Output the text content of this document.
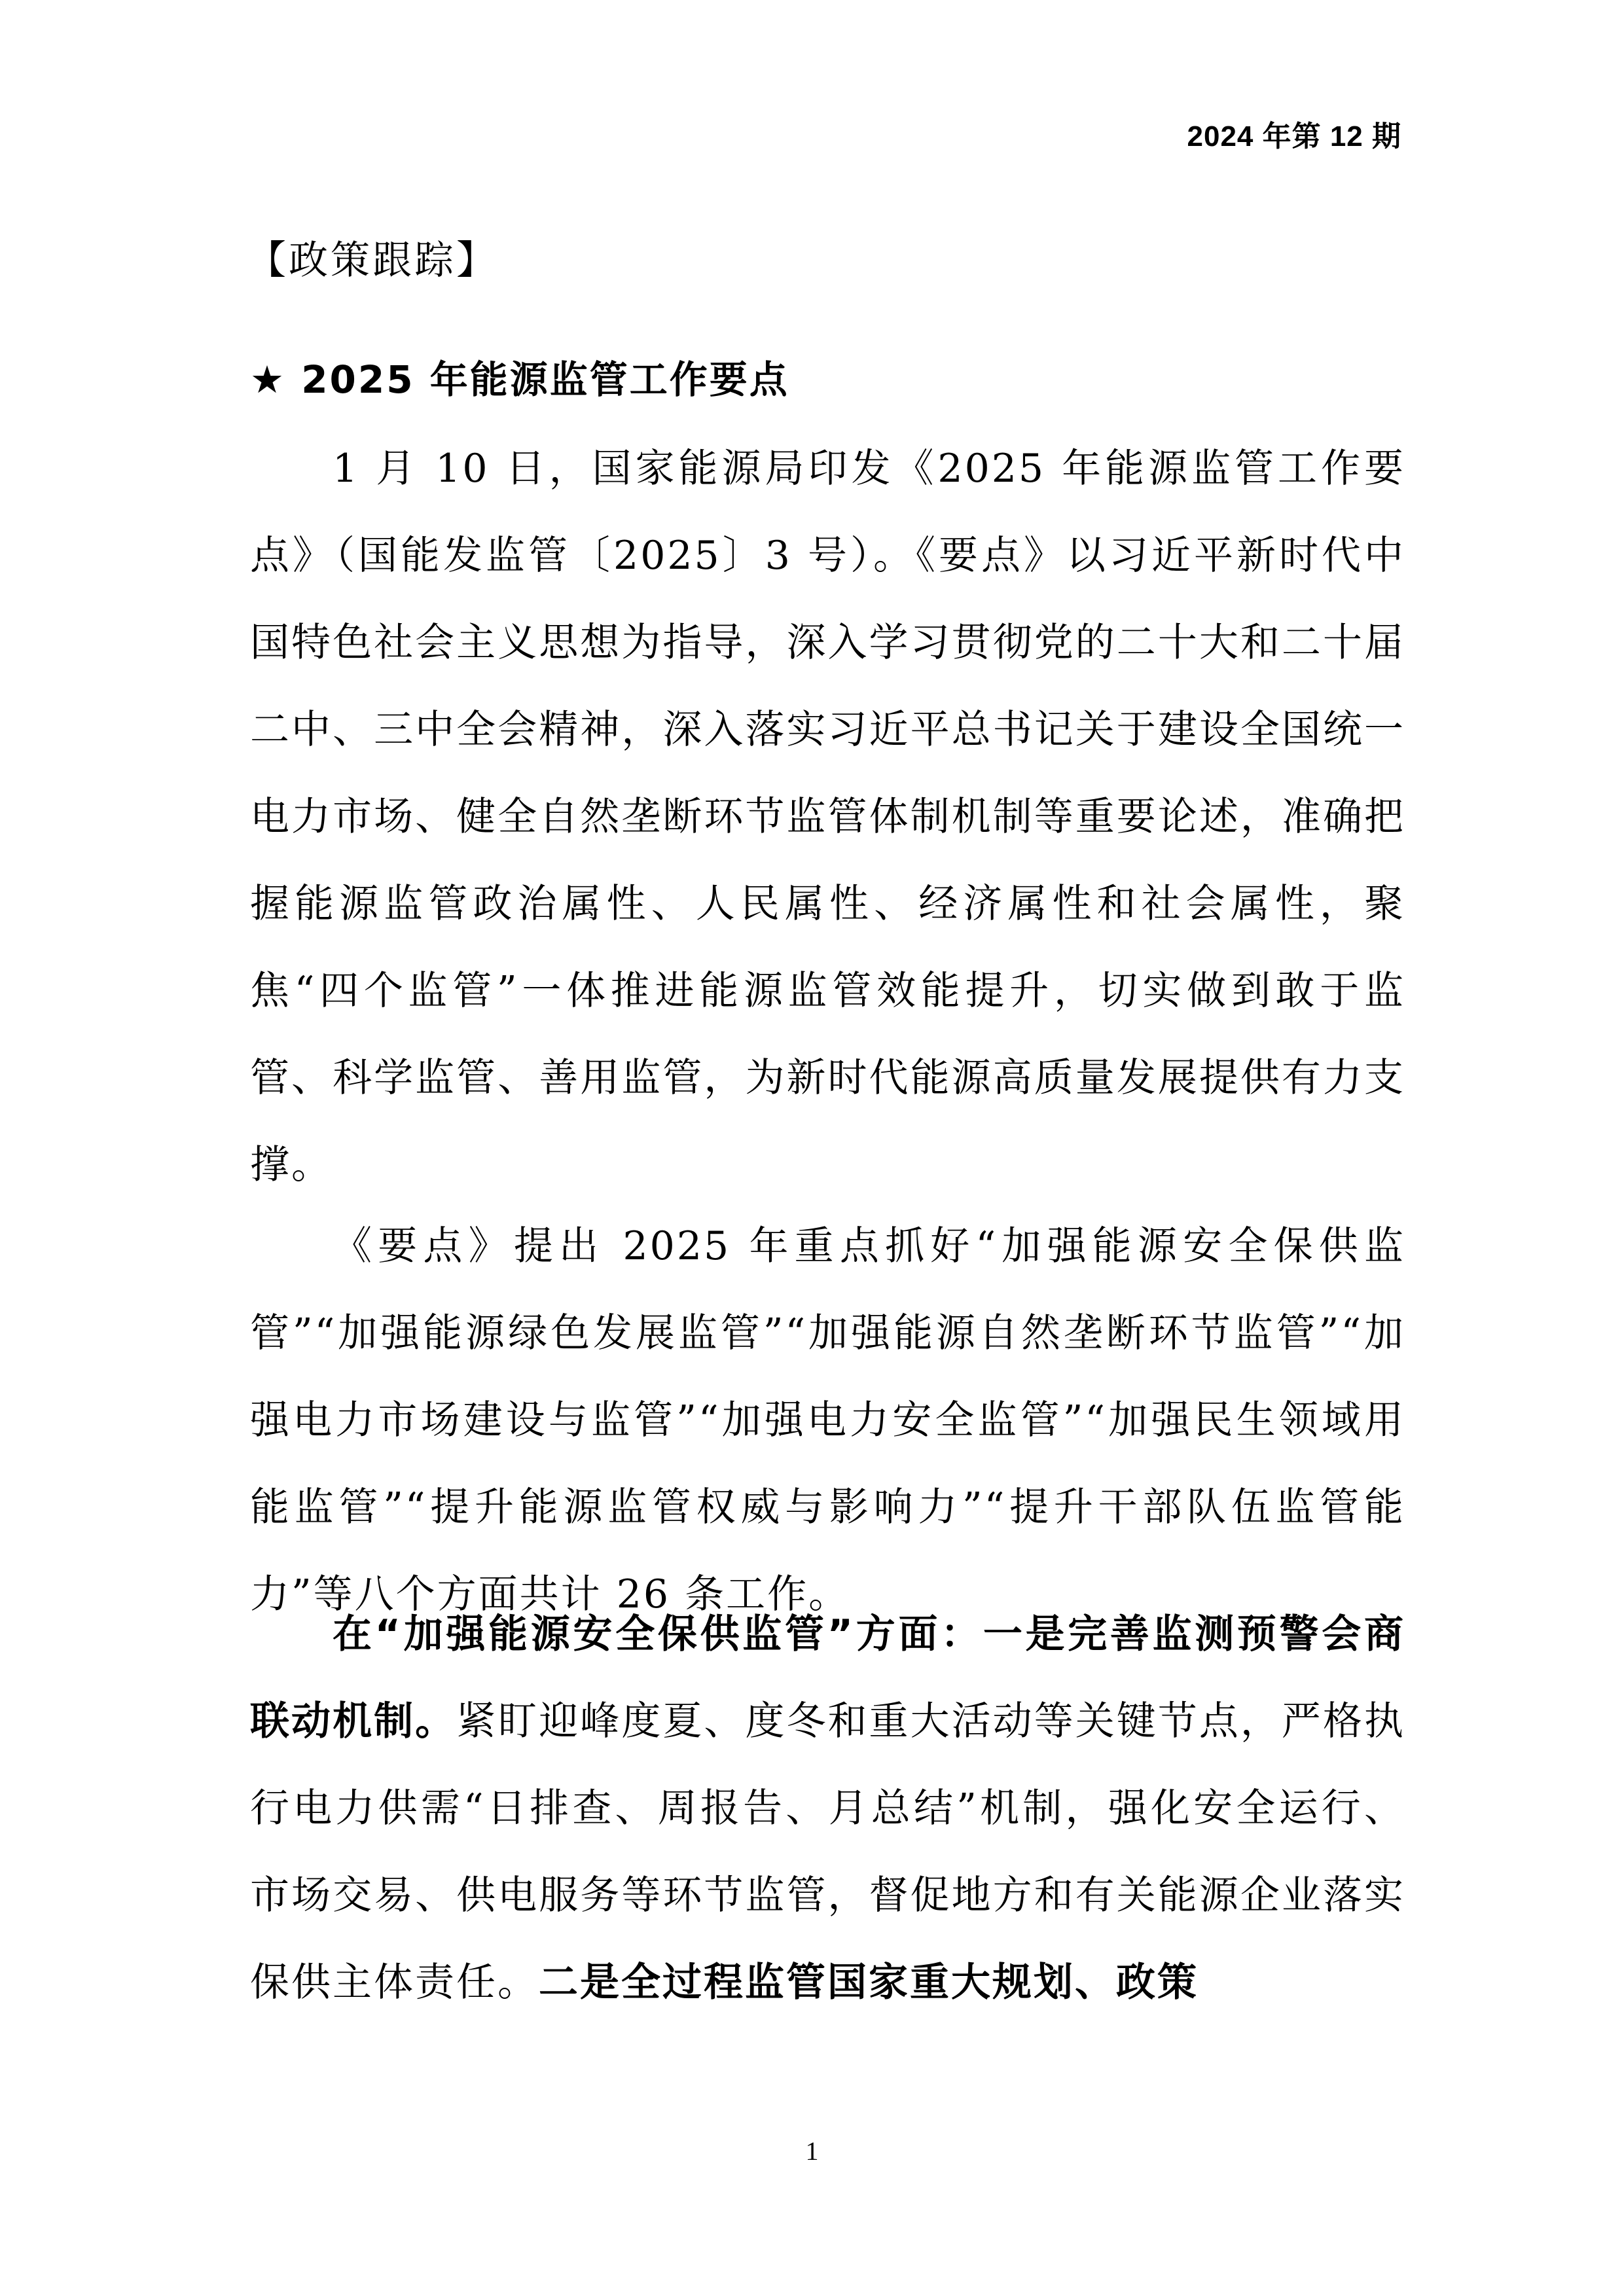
2024 年第 12 期
【政策跟踪】
★ 2025 年能源监管工作要点

1 月 10 日，国家能源局印发《2025 年能源监管工作要点》（国能发监管〔2025〕3 号）。《要点》以习近平新时代中国特色社会主义思想为指导，深入学习贯彻党的二十大和二十届二中、三中全会精神，深入落实习近平总书记关于建设全国统一电力市场、健全自然垄断环节监管体制机制等重要论述，准确把握能源监管政治属性、人民属性、经济属性和社会属性，聚焦“四个监管”一体推进能源监管效能提升，切实做到敢于监管、科学监管、善用监管，为新时代能源高质量发展提供有力支撑。

《要点》提出 2025 年重点抓好“加强能源安全保供监管”“加强能源绿色发展监管”“加强能源自然垄断环节监管”“加强电力市场建设与监管”“加强电力安全监管”“加强民生领域用能监管”“提升能源监管权威与影响力”“提升干部队伍监管能力”等八个方面共计 26 条工作。

在“加强能源安全保供监管”方面：一是完善监测预警会商联动机制。紧盯迎峰度夏、度冬和重大活动等关键节点，严格执行电力供需“日排查、周报告、月总结”机制，强化安全运行、市场交易、供电服务等环节监管，督促地方和有关能源企业落实保供主体责任。二是全过程监管国家重大规划、政策

1
